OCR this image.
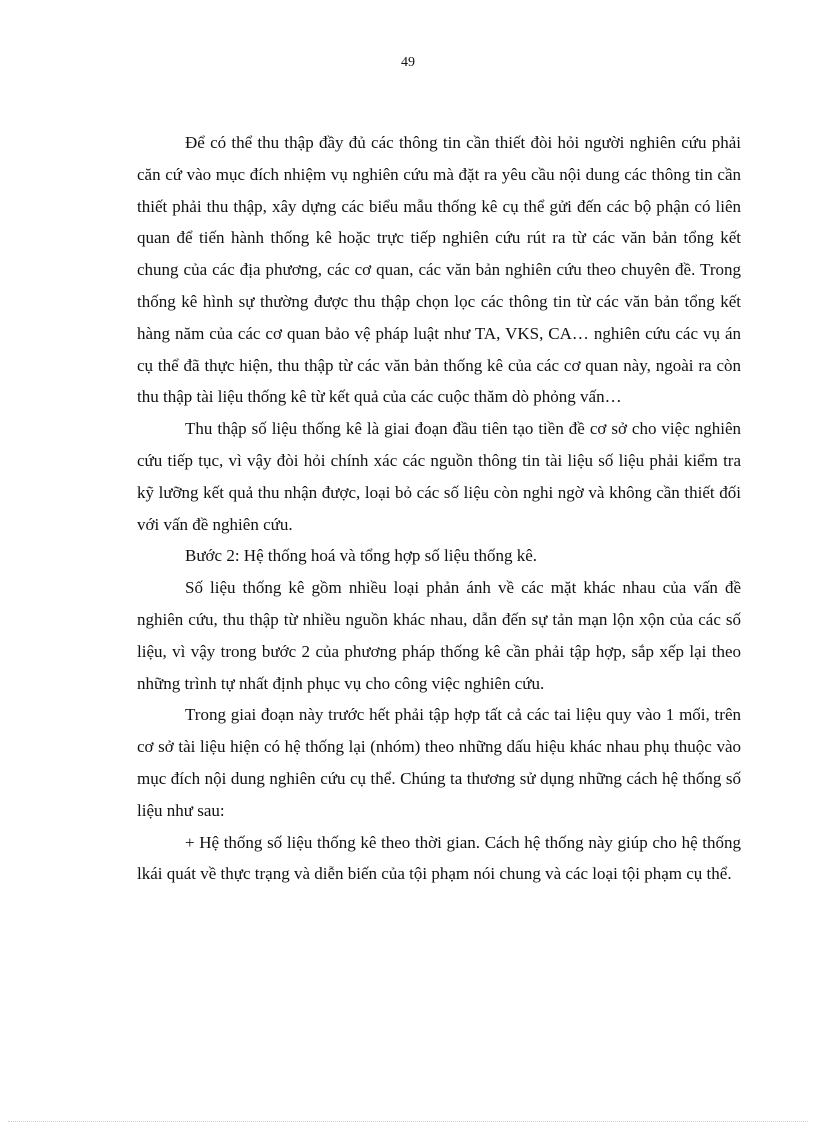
49

Để có thể thu thập đầy đủ các thông tin cần thiết đòi hỏi người nghiên cứu phải căn cứ vào mục đích nhiệm vụ nghiên cứu mà đặt ra yêu cầu nội dung các thông tin cần thiết phải thu thập, xây dựng các biểu mẫu thống kê cụ thể gửi đến các bộ phận có liên quan để tiến hành thống kê hoặc trực tiếp nghiên cứu rút ra từ các văn bản tổng kết chung của các địa phương, các cơ quan, các văn bản nghiên cứu theo chuyên đề. Trong thống kê hình sự thường được thu thập chọn lọc các thông tin từ các văn bản tổng kết hàng năm của các cơ quan bảo vệ pháp luật như TA, VKS, CA… nghiên cứu các vụ án cụ thể đã thực hiện, thu thập từ các văn bản thống kê của các cơ quan này, ngoài ra còn thu thập tài liệu thống kê từ kết quả của các cuộc thăm dò phỏng vấn…

Thu thập số liệu thống kê là giai đoạn đầu tiên tạo tiền đề cơ sở cho việc nghiên cứu tiếp tục, vì vậy đòi hỏi chính xác các nguồn thông tin tài liệu số liệu phải kiểm tra kỹ lưỡng kết quả thu nhận được, loại bỏ các số liệu còn nghi ngờ và không cần thiết đối với vấn đề nghiên cứu.

Bước 2: Hệ thống hoá và tổng hợp số liệu thống kê.

Số liệu thống kê gồm nhiều loại phản ánh về các mặt khác nhau của vấn đề nghiên cứu, thu thập từ nhiều nguồn khác nhau, dẫn đến sự tản mạn lộn xộn của các số liệu, vì vậy trong bước 2 của phương pháp thống kê cần phải tập hợp, sắp xếp lại theo những trình tự nhất định phục vụ cho công việc nghiên cứu.

Trong giai đoạn này trước hết phải tập hợp tất cả các tai liệu quy vào 1 mối, trên cơ sở tài liệu hiện có hệ thống lại (nhóm) theo những dấu hiệu khác nhau phụ thuộc vào mục đích nội dung nghiên cứu cụ thể. Chúng ta thương sử dụng những cách hệ thống số liệu như sau:

+ Hệ thống số liệu thống kê theo thời gian. Cách hệ thống này giúp cho hệ thống lkái quát về thực trạng và diễn biến của tội phạm nói chung và các loại tội phạm cụ thể.
